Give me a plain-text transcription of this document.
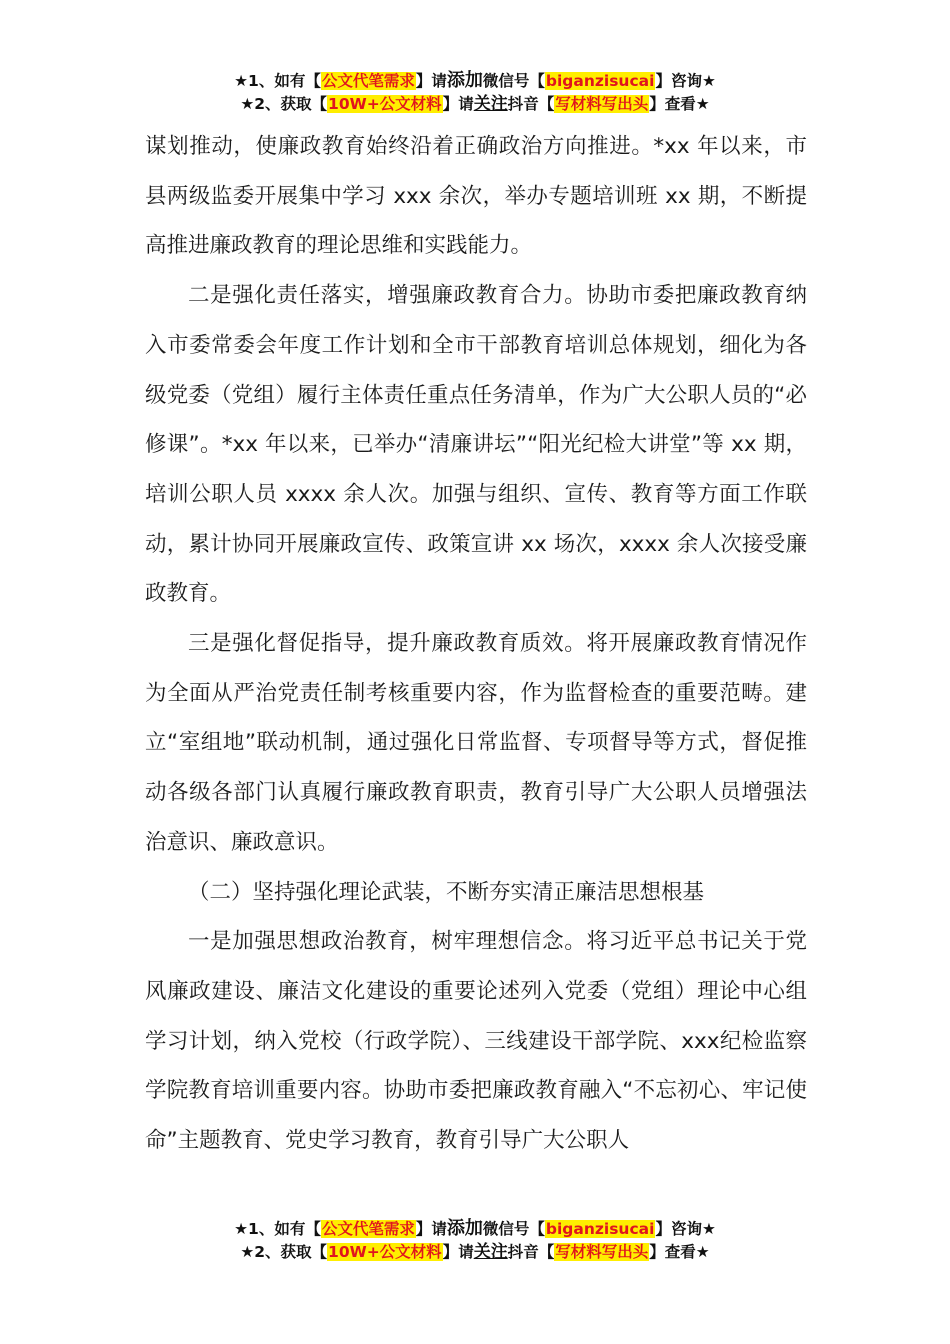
★1、如有【公文代笔需求】请添加微信号【biganzisucai】咨询★
★2、获取【10W+公文材料】请关注抖音【写材料写出头】查看★

谋划推动，使廉政教育始终沿着正确政治方向推进。*xx 年以来，市县两级监委开展集中学习 xxx 余次，举办专题培训班 xx 期，不断提高推进廉政教育的理论思维和实践能力。

二是强化责任落实，增强廉政教育合力。协助市委把廉政教育纳入市委常委会年度工作计划和全市干部教育培训总体规划，细化为各级党委（党组）履行主体责任重点任务清单，作为广大公职人员的“必修课”。*xx 年以来，已举办“清廉讲坛”“阳光纪检大讲堂”等 xx 期，培训公职人员 xxxx 余人次。加强与组织、宣传、教育等方面工作联动，累计协同开展廉政宣传、政策宣讲 xx 场次，xxxx 余人次接受廉政教育。

三是强化督促指导，提升廉政教育质效。将开展廉政教育情况作为全面从严治党责任制考核重要内容，作为监督检查的重要范畴。建立“室组地”联动机制，通过强化日常监督、专项督导等方式，督促推动各级各部门认真履行廉政教育职责，教育引导广大公职人员增强法治意识、廉政意识。

（二）坚持强化理论武装，不断夯实清正廉洁思想根基

一是加强思想政治教育，树牢理想信念。将习近平总书记关于党风廉政建设、廉洁文化建设的重要论述列入党委（党组）理论中心组学习计划，纳入党校（行政学院）、三线建设干部学院、xxx纪检监察学院教育培训重要内容。协助市委把廉政教育融入“不忘初心、牢记使命”主题教育、党史学习教育，教育引导广大公职人

★1、如有【公文代笔需求】请添加微信号【biganzisucai】咨询★
★2、获取【10W+公文材料】请关注抖音【写材料写出头】查看★
